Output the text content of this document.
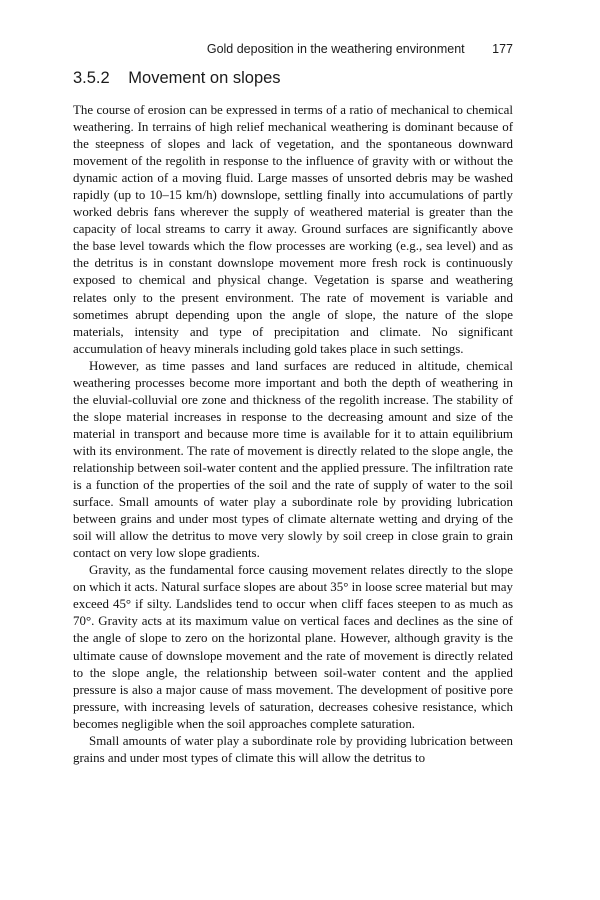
Gold deposition in the weathering environment 177
3.5.2 Movement on slopes

The course of erosion can be expressed in terms of a ratio of mechanical to chemical weathering. In terrains of high relief mechanical weathering is dominant because of the steepness of slopes and lack of vegetation, and the spontaneous downward movement of the regolith in response to the influence of gravity with or without the dynamic action of a moving fluid. Large masses of unsorted debris may be washed rapidly (up to 10–15 km/h) downslope, settling finally into accumulations of partly worked debris fans wherever the supply of weathered material is greater than the capacity of local streams to carry it away. Ground surfaces are significantly above the base level towards which the flow processes are working (e.g., sea level) and as the detritus is in constant downslope movement more fresh rock is continuously exposed to chemical and physical change. Vegetation is sparse and weathering relates only to the present environment. The rate of movement is variable and sometimes abrupt depending upon the angle of slope, the nature of the slope materials, intensity and type of precipitation and climate. No significant accumulation of heavy minerals including gold takes place in such settings.

However, as time passes and land surfaces are reduced in altitude, chemical weathering processes become more important and both the depth of weathering in the eluvial-colluvial ore zone and thickness of the regolith increase. The stability of the slope material increases in response to the decreasing amount and size of the material in transport and because more time is available for it to attain equilibrium with its environment. The rate of movement is directly related to the slope angle, the relationship between soil-water content and the applied pressure. The infiltration rate is a function of the properties of the soil and the rate of supply of water to the soil surface. Small amounts of water play a subordinate role by providing lubrication between grains and under most types of climate alternate wetting and drying of the soil will allow the detritus to move very slowly by soil creep in close grain to grain contact on very low slope gradients.

Gravity, as the fundamental force causing movement relates directly to the slope on which it acts. Natural surface slopes are about 35° in loose scree material but may exceed 45° if silty. Landslides tend to occur when cliff faces steepen to as much as 70°. Gravity acts at its maximum value on vertical faces and declines as the sine of the angle of slope to zero on the horizontal plane. However, although gravity is the ultimate cause of downslope movement and the rate of movement is directly related to the slope angle, the relationship between soil-water content and the applied pressure is also a major cause of mass movement. The development of positive pore pressure, with increasing levels of saturation, decreases cohesive resistance, which becomes negligible when the soil approaches complete saturation.

Small amounts of water play a subordinate role by providing lubrication between grains and under most types of climate this will allow the detritus to
